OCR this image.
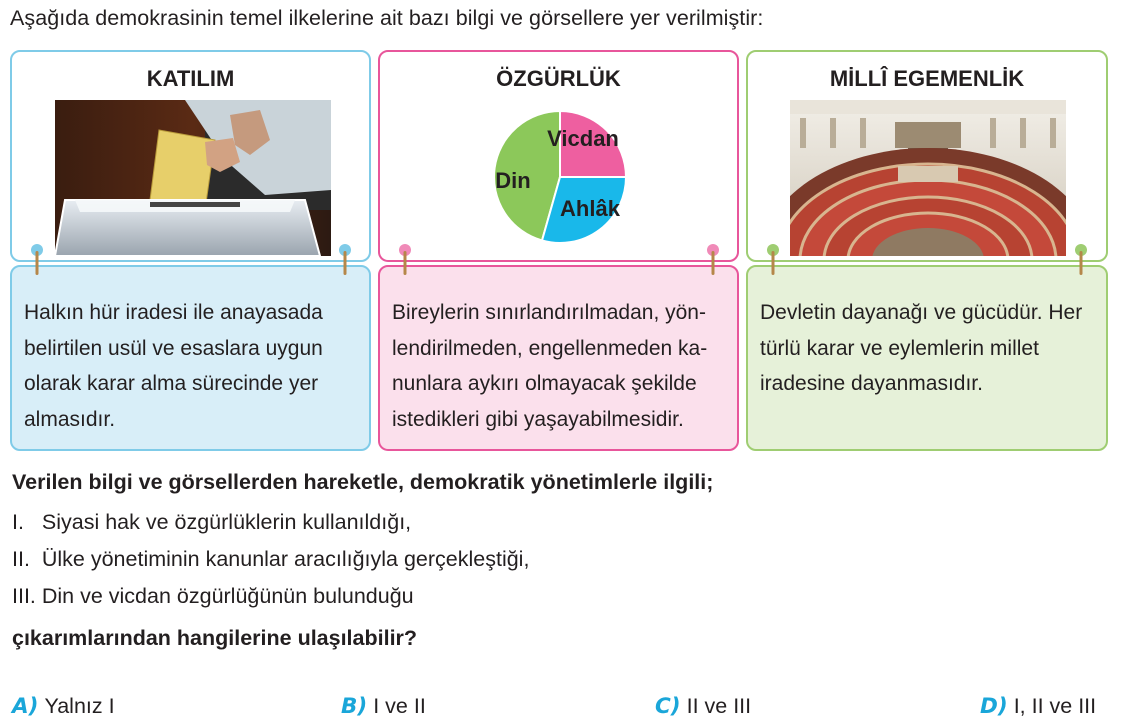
Aşağıda demokrasinin temel ilkelerine ait bazı bilgi ve görsellere yer verilmiştir:
KATILIM
Halkın hür iradesi ile anayasada
belirtilen usül ve esaslara uygun
olarak karar alma sürecinde yer
almasıdır.
ÖZGÜRLÜK
Vicdan
Din
Ahlâk
Bireylerin sınırlandırılmadan, yön-
lendirilmeden, engellenmeden ka-
nunlara aykırı olmayacak şekilde
istedikleri gibi yaşayabilmesidir.
MİLLÎ EGEMENLİK
Devletin dayanağı ve gücüdür. Her
türlü karar ve eylemlerin millet
iradesine dayanmasıdır.
Verilen bilgi ve görsellerden hareketle, demokratik yönetimlerle ilgili;
I.   Siyasi hak ve özgürlüklerin kullanıldığı,
II.  Ülke yönetiminin kanunlar aracılığıyla gerçekleştiği,
III. Din ve vicdan özgürlüğünün bulunduğu
çıkarımlarından hangilerine ulaşılabilir?
A) Yalnız I	B) I ve II	C) II ve III	D) I, II ve III
